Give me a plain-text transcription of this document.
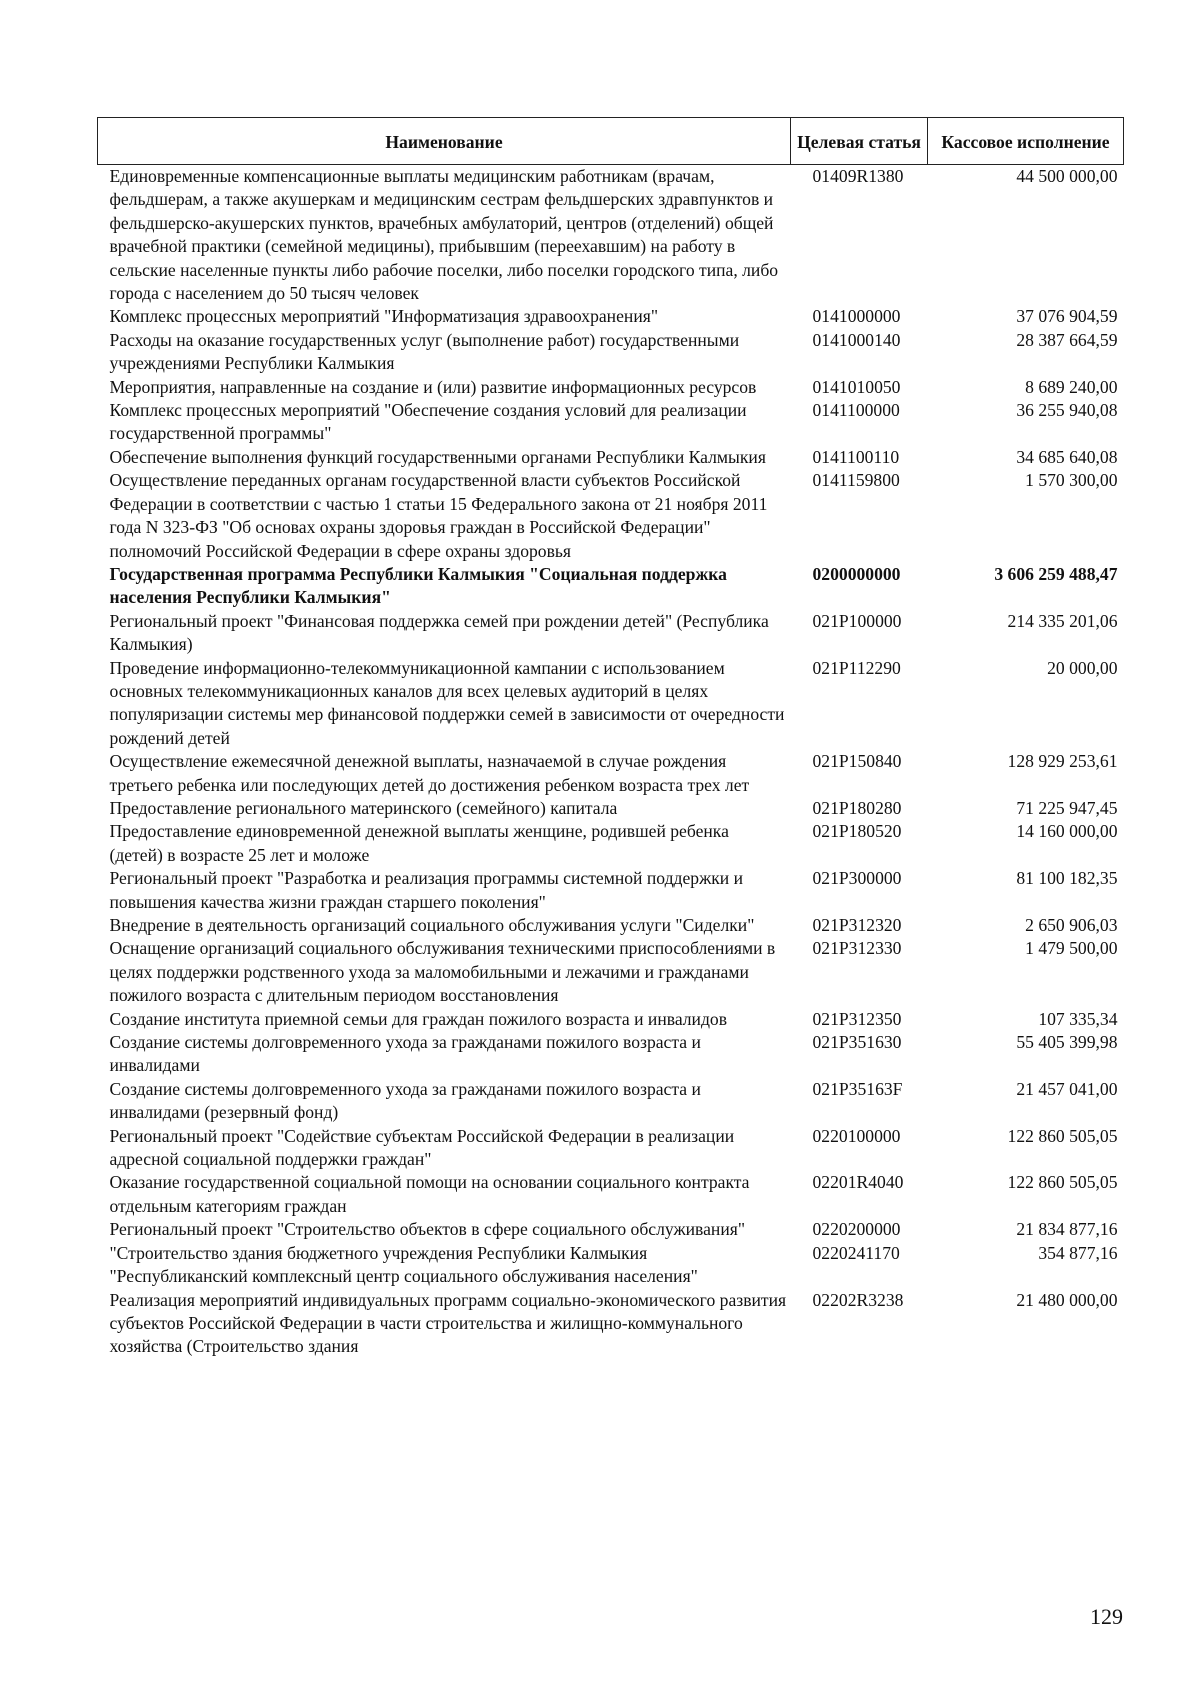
Наименование	Целевая статья	Кассовое исполнение
Единовременные компенсационные выплаты медицинским работникам (врачам, фельдшерам, а также акушеркам и медицинским сестрам фельдшерских здравпунктов и фельдшерско-акушерских пунктов, врачебных амбулаторий, центров (отделений) общей врачебной практики (семейной медицины), прибывшим (переехавшим) на работу в сельские населенные пункты либо рабочие поселки, либо поселки городского типа, либо города с населением до 50 тысяч человек	01409R1380	44 500 000,00
Комплекс процессных мероприятий "Информатизация здравоохранения"	0141000000	37 076 904,59
Расходы на оказание государственных услуг (выполнение работ) государственными учреждениями Республики Калмыкия	0141000140	28 387 664,59
Мероприятия, направленные на создание и (или) развитие информационных ресурсов	0141010050	8 689 240,00
Комплекс процессных мероприятий "Обеспечение создания условий для реализации государственной программы"	0141100000	36 255 940,08
Обеспечение выполнения функций государственными органами Республики Калмыкия	0141100110	34 685 640,08
Осуществление переданных органам государственной власти субъектов Российской Федерации в соответствии с частью 1 статьи 15 Федерального закона от 21 ноября 2011 года N 323-ФЗ "Об основах охраны здоровья граждан в Российской Федерации" полномочий Российской Федерации в сфере охраны здоровья	0141159800	1 570 300,00
Государственная программа Республики Калмыкия "Социальная поддержка населения Республики Калмыкия"	0200000000	3 606 259 488,47
Региональный проект "Финансовая поддержка семей при рождении детей" (Республика Калмыкия)	021P100000	214 335 201,06
Проведение информационно-телекоммуникационной кампании с использованием основных телекоммуникационных каналов для всех целевых аудиторий в целях популяризации системы мер финансовой поддержки семей в зависимости от очередности рождений детей	021P112290	20 000,00
Осуществление ежемесячной денежной выплаты, назначаемой в случае рождения третьего ребенка или последующих детей до достижения ребенком возраста трех лет	021P150840	128 929 253,61
Предоставление регионального материнского (семейного) капитала	021P180280	71 225 947,45
Предоставление единовременной денежной выплаты женщине, родившей ребенка (детей) в возрасте 25 лет и моложе	021P180520	14 160 000,00
Региональный проект "Разработка и реализация программы системной поддержки и повышения качества жизни граждан старшего поколения"	021P300000	81 100 182,35
Внедрение в деятельность организаций социального обслуживания услуги "Сиделки"	021P312320	2 650 906,03
Оснащение организаций социального обслуживания техническими приспособлениями в целях поддержки родственного ухода за маломобильными и лежачими и гражданами пожилого возраста с длительным периодом восстановления	021P312330	1 479 500,00
Создание института приемной семьи для граждан пожилого возраста и инвалидов	021P312350	107 335,34
Создание системы долговременного ухода за гражданами пожилого возраста и инвалидами	021P351630	55 405 399,98
Создание системы долговременного ухода за гражданами пожилого возраста и инвалидами (резервный фонд)	021P35163F	21 457 041,00
Региональный проект "Содействие субъектам Российской Федерации в реализации адресной социальной поддержки граждан"	0220100000	122 860 505,05
Оказание государственной социальной помощи на основании социального контракта отдельным категориям граждан	02201R4040	122 860 505,05
Региональный проект "Строительство объектов в сфере социального обслуживания"	0220200000	21 834 877,16
"Строительство здания бюджетного учреждения Республики Калмыкия "Республиканский комплексный центр социального обслуживания населения"	0220241170	354 877,16
Реализация мероприятий индивидуальных программ социально-экономического развития субъектов Российской Федерации в части строительства и жилищно-коммунального хозяйства (Строительство здания	02202R3238	21 480 000,00
129
